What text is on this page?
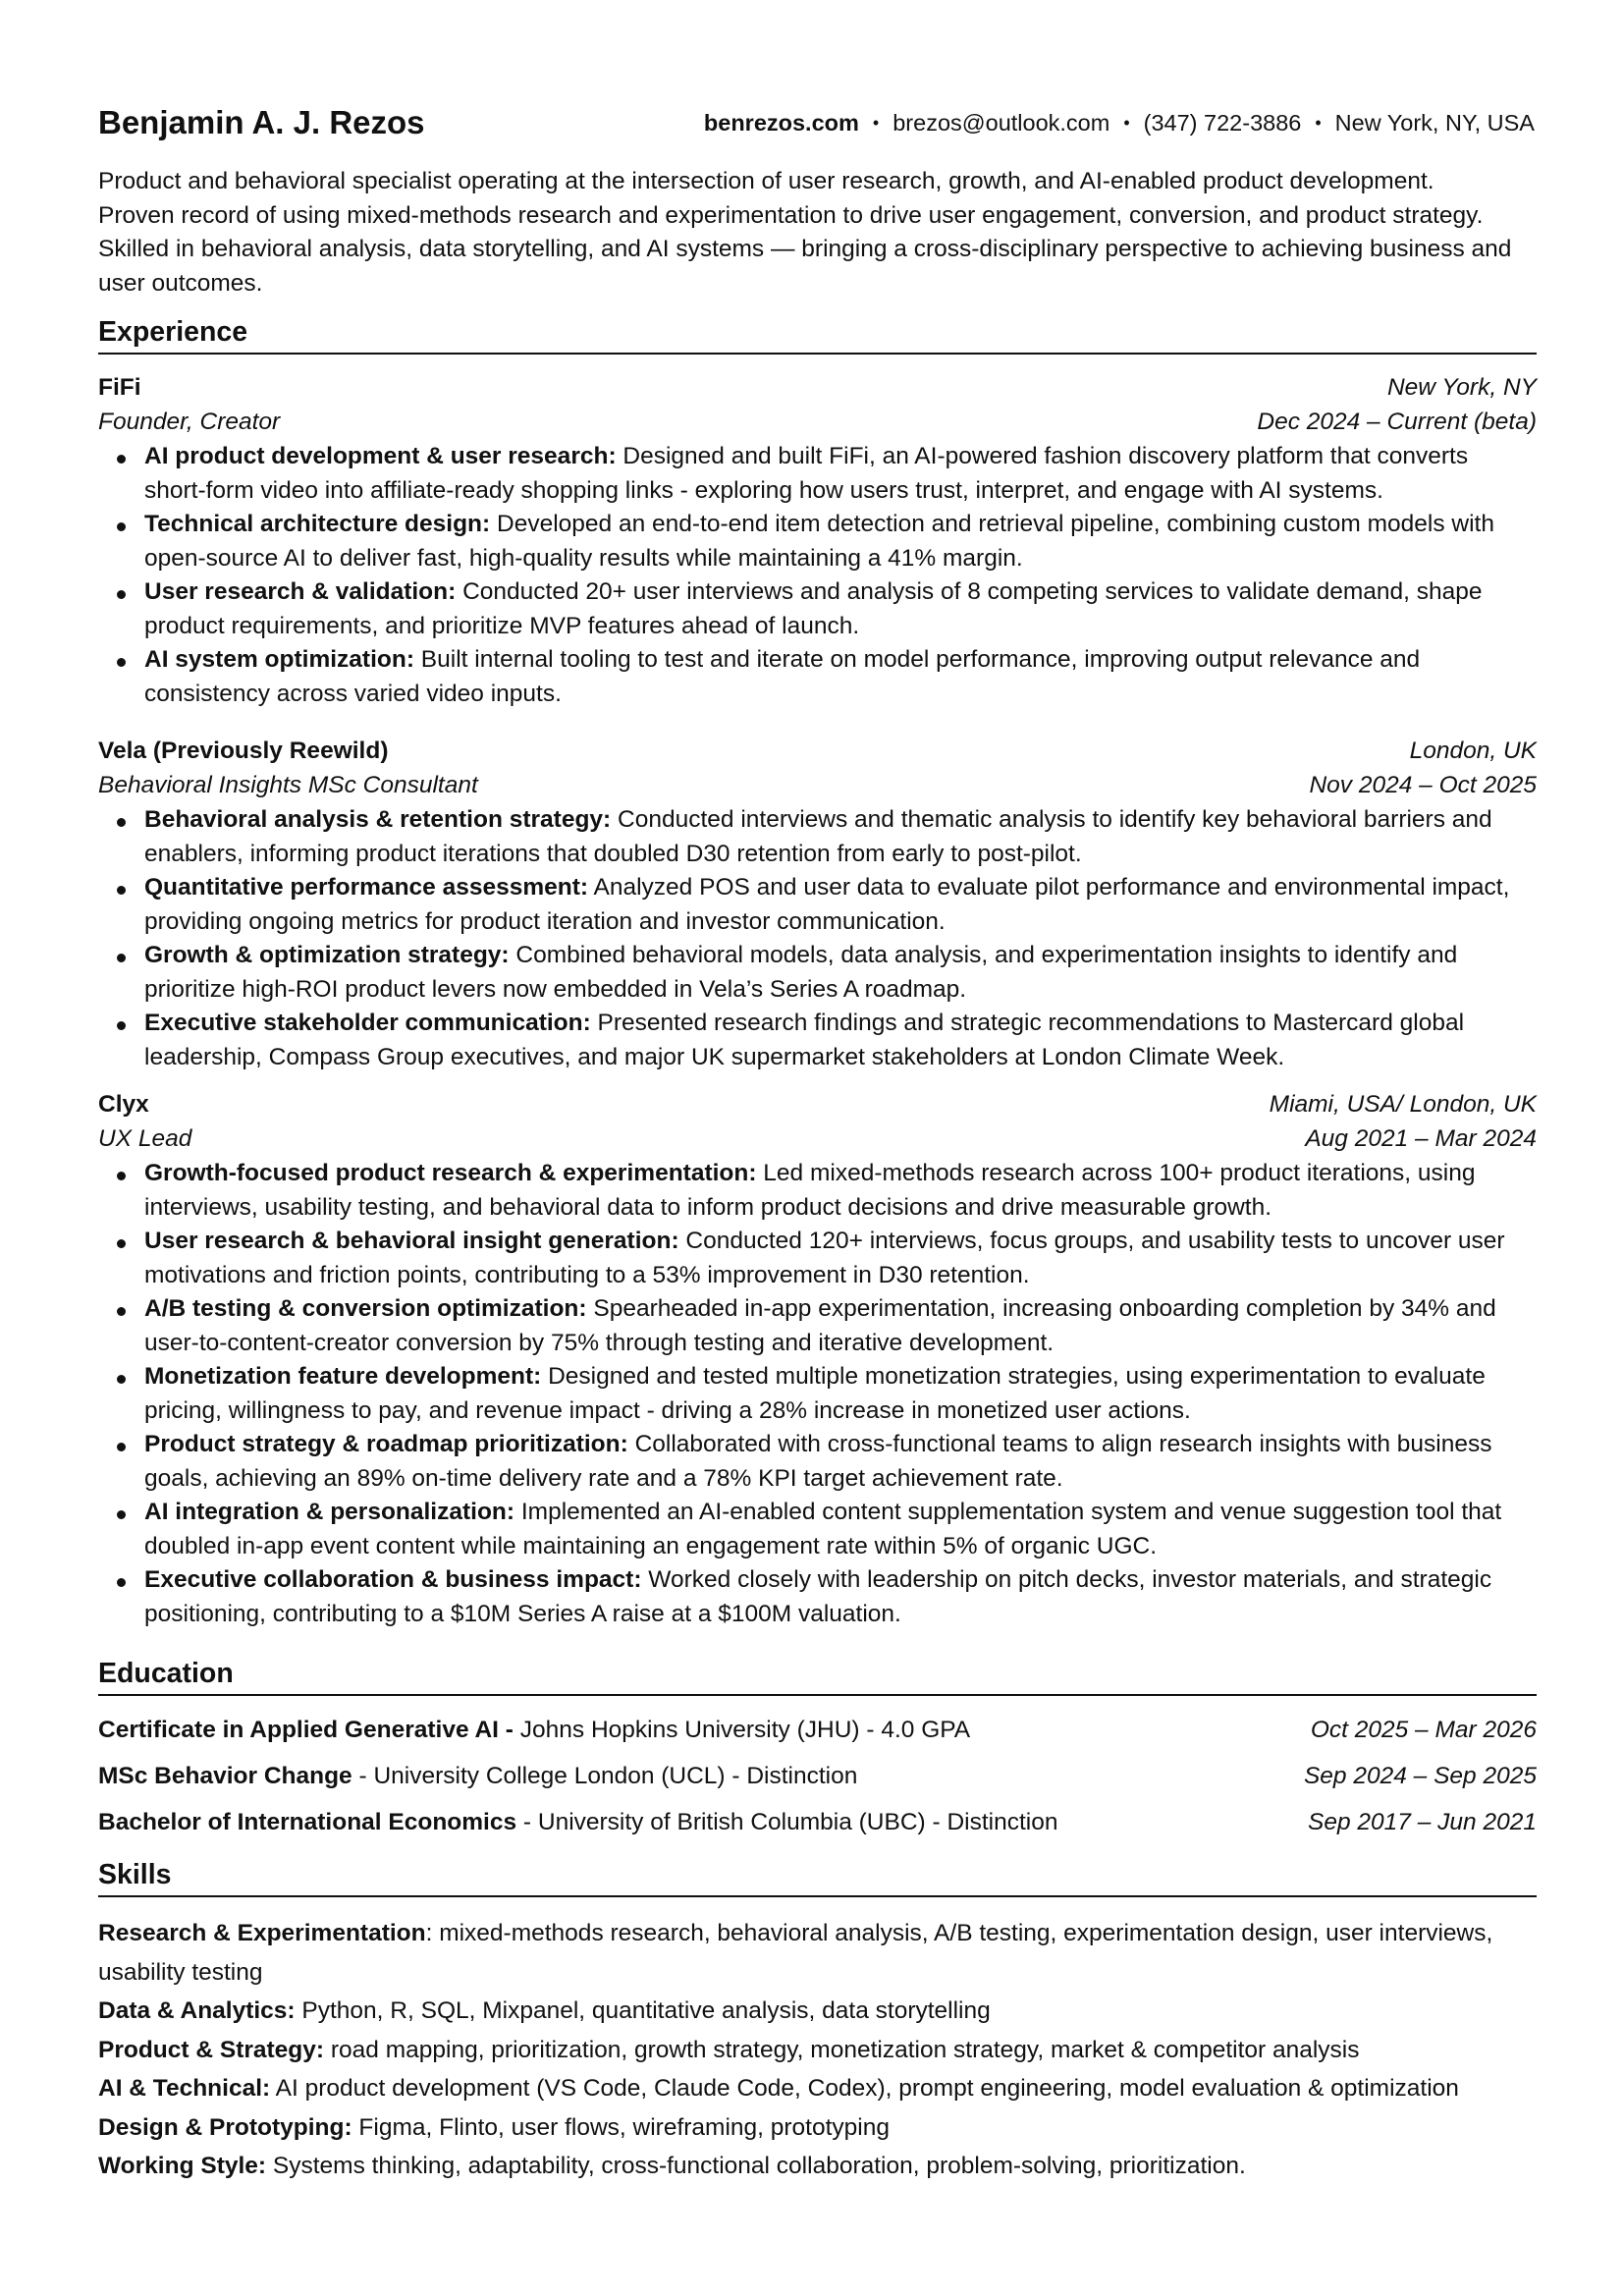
Benjamin A. J. Rezos	benrezos.com • brezos@outlook.com • (347) 722-3886 • New York, NY, USA
Product and behavioral specialist operating at the intersection of user research, growth, and AI-enabled product development. Proven record of using mixed-methods research and experimentation to drive user engagement, conversion, and product strategy. Skilled in behavioral analysis, data storytelling, and AI systems — bringing a cross-disciplinary perspective to achieving business and user outcomes.
Experience
FiFi	New York, NY
Founder, Creator	Dec 2024 – Current (beta)
AI product development & user research: Designed and built FiFi, an AI-powered fashion discovery platform that converts short-form video into affiliate-ready shopping links - exploring how users trust, interpret, and engage with AI systems.
Technical architecture design: Developed an end-to-end item detection and retrieval pipeline, combining custom models with open-source AI to deliver fast, high-quality results while maintaining a 41% margin.
User research & validation: Conducted 20+ user interviews and analysis of 8 competing services to validate demand, shape product requirements, and prioritize MVP features ahead of launch.
AI system optimization: Built internal tooling to test and iterate on model performance, improving output relevance and consistency across varied video inputs.
Vela (Previously Reewild)	London, UK
Behavioral Insights MSc Consultant	Nov 2024 – Oct 2025
Behavioral analysis & retention strategy: Conducted interviews and thematic analysis to identify key behavioral barriers and enablers, informing product iterations that doubled D30 retention from early to post-pilot.
Quantitative performance assessment: Analyzed POS and user data to evaluate pilot performance and environmental impact, providing ongoing metrics for product iteration and investor communication.
Growth & optimization strategy: Combined behavioral models, data analysis, and experimentation insights to identify and prioritize high-ROI product levers now embedded in Vela’s Series A roadmap.
Executive stakeholder communication: Presented research findings and strategic recommendations to Mastercard global leadership, Compass Group executives, and major UK supermarket stakeholders at London Climate Week.
Clyx	Miami, USA/ London, UK
UX Lead	Aug 2021 – Mar 2024
Growth-focused product research & experimentation: Led mixed-methods research across 100+ product iterations, using interviews, usability testing, and behavioral data to inform product decisions and drive measurable growth.
User research & behavioral insight generation: Conducted 120+ interviews, focus groups, and usability tests to uncover user motivations and friction points, contributing to a 53% improvement in D30 retention.
A/B testing & conversion optimization: Spearheaded in-app experimentation, increasing onboarding completion by 34% and user-to-content-creator conversion by 75% through testing and iterative development.
Monetization feature development: Designed and tested multiple monetization strategies, using experimentation to evaluate pricing, willingness to pay, and revenue impact - driving a 28% increase in monetized user actions.
Product strategy & roadmap prioritization: Collaborated with cross-functional teams to align research insights with business goals, achieving an 89% on-time delivery rate and a 78% KPI target achievement rate.
AI integration & personalization: Implemented an AI-enabled content supplementation system and venue suggestion tool that doubled in-app event content while maintaining an engagement rate within 5% of organic UGC.
Executive collaboration & business impact: Worked closely with leadership on pitch decks, investor materials, and strategic positioning, contributing to a $10M Series A raise at a $100M valuation.
Education
Certificate in Applied Generative AI - Johns Hopkins University (JHU) - 4.0 GPA	Oct 2025 – Mar 2026
MSc Behavior Change - University College London (UCL) - Distinction	Sep 2024 – Sep 2025
Bachelor of International Economics - University of British Columbia (UBC) - Distinction	Sep 2017 – Jun 2021
Skills
Research & Experimentation: mixed-methods research, behavioral analysis, A/B testing, experimentation design, user interviews, usability testing
Data & Analytics: Python, R, SQL, Mixpanel, quantitative analysis, data storytelling
Product & Strategy: road mapping, prioritization, growth strategy, monetization strategy, market & competitor analysis
AI & Technical: AI product development (VS Code, Claude Code, Codex), prompt engineering, model evaluation & optimization
Design & Prototyping: Figma, Flinto, user flows, wireframing, prototyping
Working Style: Systems thinking, adaptability, cross-functional collaboration, problem-solving, prioritization.
